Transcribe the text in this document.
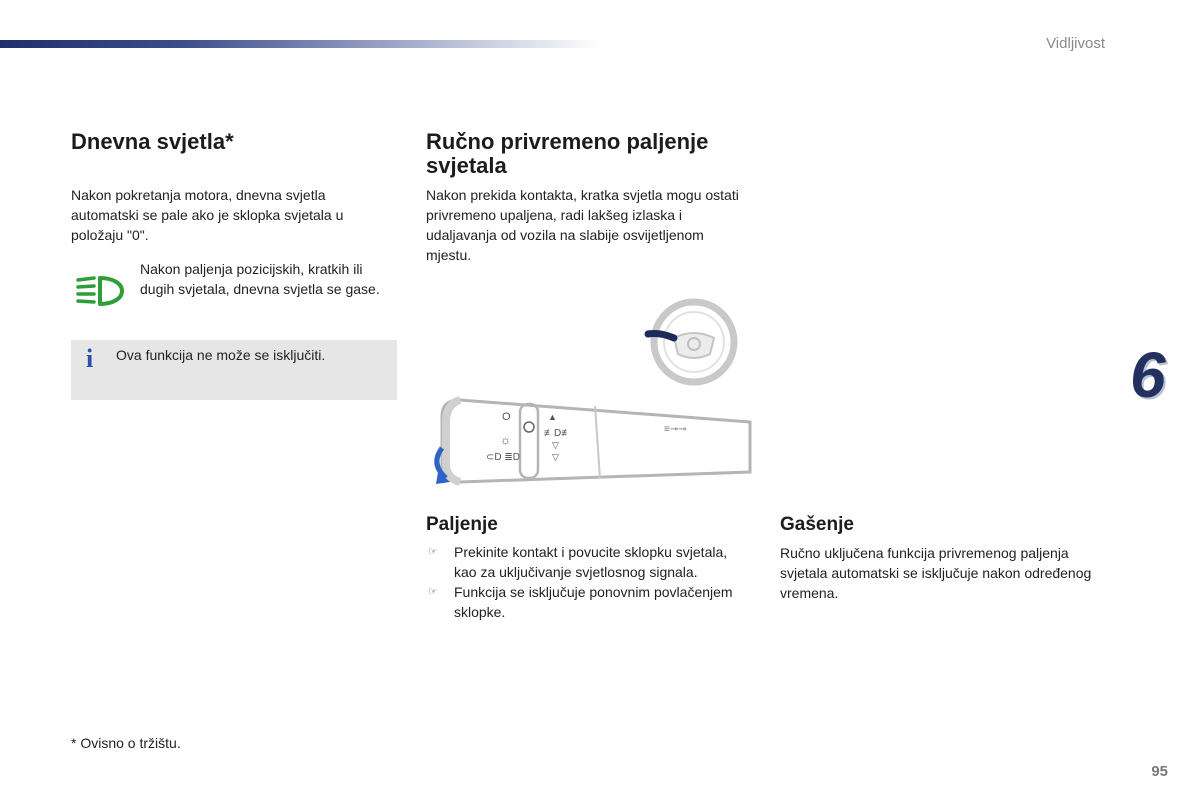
Vidljivost
Dnevna svjetla*

Nakon pokretanja motora, dnevna svjetla automatski se pale ako je sklopka svjetala u položaju "0".

Nakon paljenja pozicijskih, kratkih ili dugih svjetala, dnevna svjetla se gase.

i Ova funkcija ne može se isključiti.

Ručno privremeno paljenje svjetala

Nakon prekida kontakta, kratka svjetla mogu ostati privremeno upaljena, radi lakšeg izlaska i udaljavanja od vozila na slabije osvijetljenom mjestu.

O
☼
⊂D ≣D
▲
≢D≢
▽
▽
≡⊸⊸
Paljenje
☞ Prekinite kontakt i povucite sklopku svjetala, kao za uključivanje svjetlosnog signala.
☞ Funkcija se isključuje ponovnim povlačenjem sklopke.
Gašenje

Ručno uključena funkcija privremenog paljenja svjetala automatski se isključuje nakon određenog vremena.

6
* Ovisno o tržištu.
95
